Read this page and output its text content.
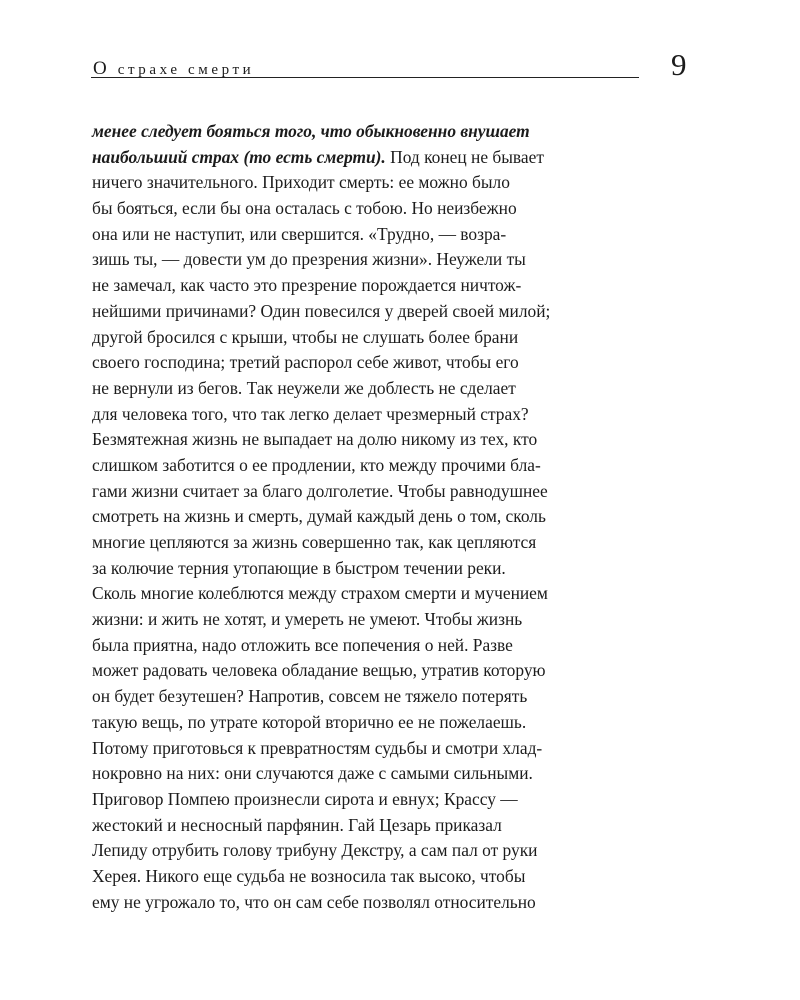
О страхе смерти	9
менее следует бояться того, что обыкновенно внушает
наибольший страх (то есть смерти). Под конец не бывает
ничего значительного. Приходит смерть: ее можно было
бы бояться, если бы она осталась с тобою. Но неизбежно
она или не наступит, или свершится. «Трудно, — возра-
зишь ты, — довести ум до презрения жизни». Неужели ты
не замечал, как часто это презрение порождается ничтож-
нейшими причинами? Один повесился у дверей своей милой;
другой бросился с крыши, чтобы не слушать более брани
своего господина; третий распорол себе живот, чтобы его
не вернули из бегов. Так неужели же доблесть не сделает
для человека того, что так легко делает чрезмерный страх?
Безмятежная жизнь не выпадает на долю никому из тех, кто
слишком заботится о ее продлении, кто между прочими бла-
гами жизни считает за благо долголетие. Чтобы равнодушнее
смотреть на жизнь и смерть, думай каждый день о том, сколь
многие цепляются за жизнь совершенно так, как цепляются
за колючие терния утопающие в быстром течении реки.
Сколь многие колеблются между страхом смерти и мучением
жизни: и жить не хотят, и умереть не умеют. Чтобы жизнь
была приятна, надо отложить все попечения о ней. Разве
может радовать человека обладание вещью, утратив которую
он будет безутешен? Напротив, совсем не тяжело потерять
такую вещь, по утрате которой вторично ее не пожелаешь.
Потому приготовься к превратностям судьбы и смотри хлад-
нокровно на них: они случаются даже с самыми сильными.
Приговор Помпею произнесли сирота и евнух; Крассу —
жестокий и несносный парфянин. Гай Цезарь приказал
Лепиду отрубить голову трибуну Декстру, а сам пал от руки
Херея. Никого еще судьба не возносила так высоко, чтобы
ему не угрожало то, что он сам себе позволял относительно
